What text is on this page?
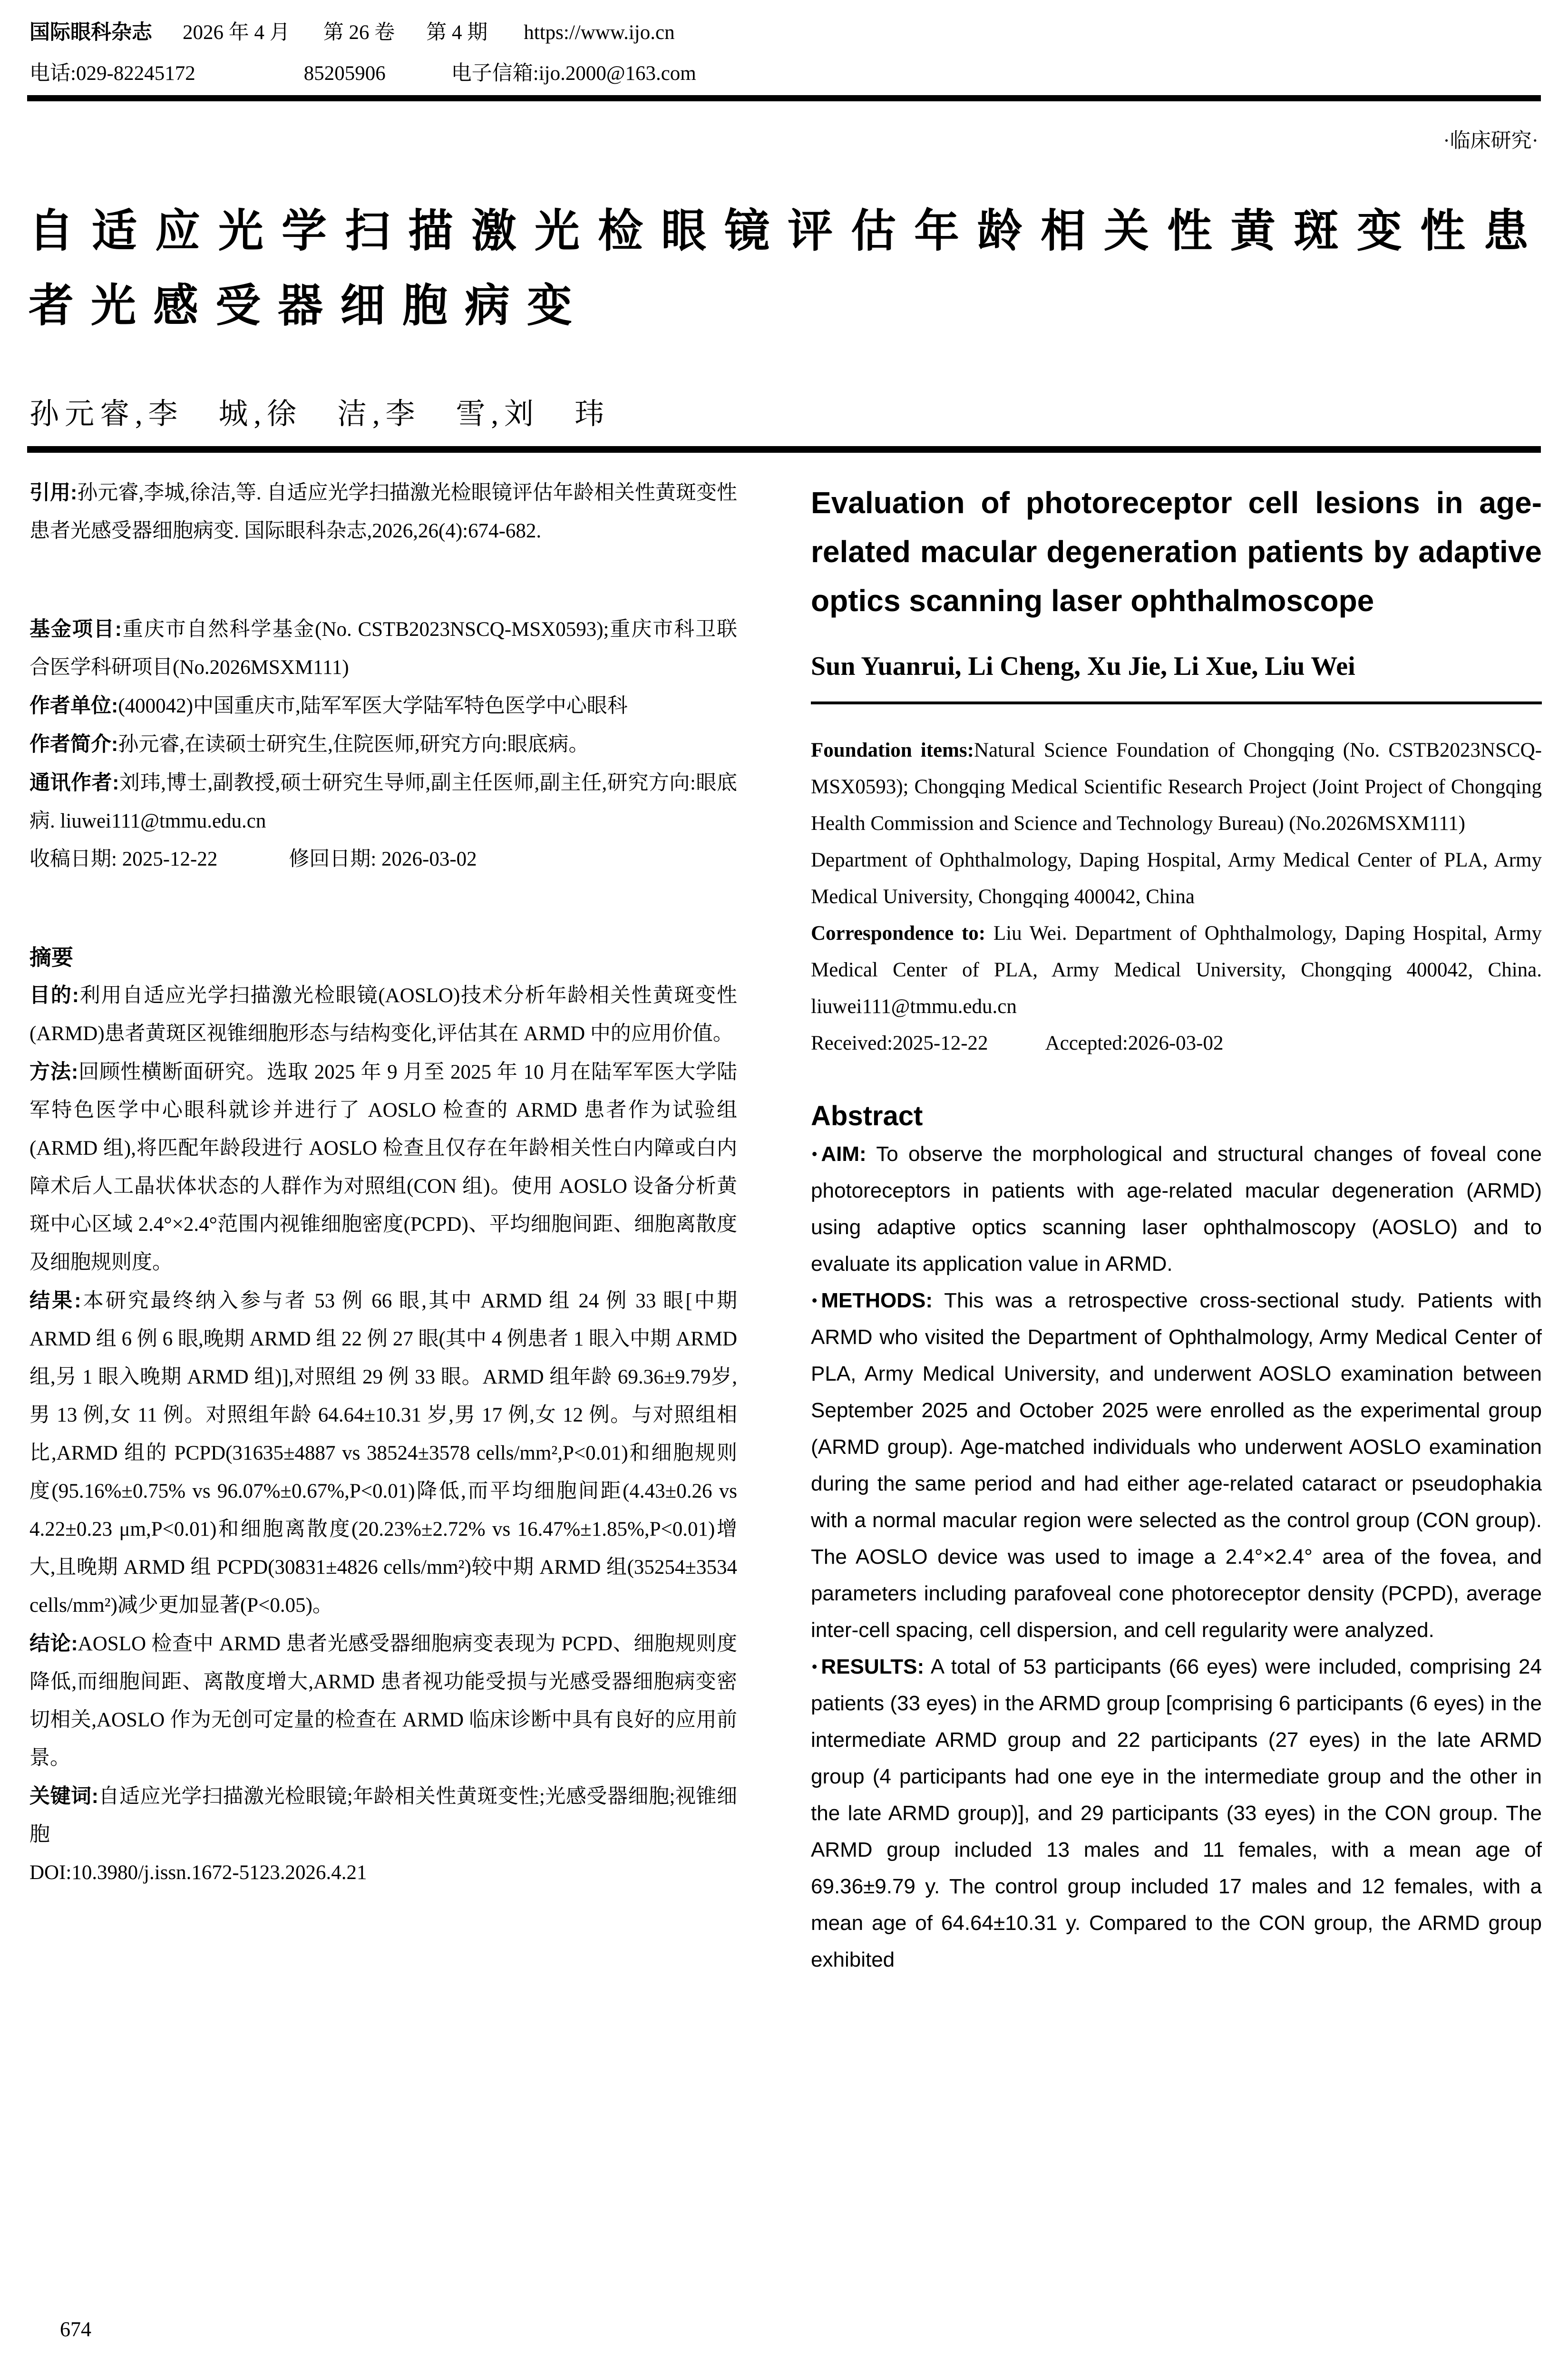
国际眼科杂志 2026 年 4 月 第 26 卷 第 4 期 https://www.ijo.cn
电话:029-82245172	85205906	电子信箱:ijo.2000@163.com
·临床研究·
自适应光学扫描激光检眼镜评估年龄相关性黄斑变性患者光感受器细胞病变
孙元睿,李　城,徐　洁,李　雪,刘　玮

引用:孙元睿,李城,徐洁,等. 自适应光学扫描激光检眼镜评估年龄相关性黄斑变性患者光感受器细胞病变. 国际眼科杂志,2026,26(4):674-682.

基金项目:重庆市自然科学基金(No. CSTB2023NSCQ-MSX0593);重庆市科卫联合医学科研项目(No.2026MSXM111)

作者单位:(400042)中国重庆市,陆军军医大学陆军特色医学中心眼科

作者简介:孙元睿,在读硕士研究生,住院医师,研究方向:眼底病。

通讯作者:刘玮,博士,副教授,硕士研究生导师,副主任医师,副主任,研究方向:眼底病. liuwei111@tmmu.edu.cn

收稿日期: 2025-12-22	修回日期: 2026-03-02

摘要

目的:利用自适应光学扫描激光检眼镜(AOSLO)技术分析年龄相关性黄斑变性(ARMD)患者黄斑区视锥细胞形态与结构变化,评估其在 ARMD 中的应用价值。

方法:回顾性横断面研究。选取 2025 年 9 月至 2025 年 10 月在陆军军医大学陆军特色医学中心眼科就诊并进行了 AOSLO 检查的 ARMD 患者作为试验组(ARMD 组),将匹配年龄段进行 AOSLO 检查且仅存在年龄相关性白内障或白内障术后人工晶状体状态的人群作为对照组(CON 组)。使用 AOSLO 设备分析黄斑中心区域 2.4°×2.4°范围内视锥细胞密度(PCPD)、平均细胞间距、细胞离散度及细胞规则度。

结果:本研究最终纳入参与者 53 例 66 眼,其中 ARMD 组 24 例 33 眼[中期 ARMD 组 6 例 6 眼,晚期 ARMD 组 22 例 27 眼(其中 4 例患者 1 眼入中期 ARMD 组,另 1 眼入晚期 ARMD 组)],对照组 29 例 33 眼。ARMD 组年龄 69.36±9.79岁,男 13 例,女 11 例。对照组年龄 64.64±10.31 岁,男 17 例,女 12 例。与对照组相比,ARMD 组的 PCPD(31635±4887 vs 38524±3578 cells/mm²,P<0.01)和细胞规则度(95.16%±0.75% vs 96.07%±0.67%,P<0.01)降低,而平均细胞间距(4.43±0.26 vs 4.22±0.23 μm,P<0.01)和细胞离散度(20.23%±2.72% vs 16.47%±1.85%,P<0.01)增大,且晚期 ARMD 组 PCPD(30831±4826 cells/mm²)较中期 ARMD 组(35254±3534 cells/mm²)减少更加显著(P<0.05)。

结论:AOSLO 检查中 ARMD 患者光感受器细胞病变表现为 PCPD、细胞规则度降低,而细胞间距、离散度增大,ARMD 患者视功能受损与光感受器细胞病变密切相关,AOSLO 作为无创可定量的检查在 ARMD 临床诊断中具有良好的应用前景。

关键词:自适应光学扫描激光检眼镜;年龄相关性黄斑变性;光感受器细胞;视锥细胞

DOI:10.3980/j.issn.1672-5123.2026.4.21

Evaluation of photoreceptor cell lesions in age-related macular degeneration patients by adaptive optics scanning laser ophthalmoscope
Sun Yuanrui, Li Cheng, Xu Jie, Li Xue, Liu Wei

Foundation items:Natural Science Foundation of Chongqing (No. CSTB2023NSCQ-MSX0593); Chongqing Medical Scientific Research Project (Joint Project of Chongqing Health Commission and Science and Technology Bureau) (No.2026MSXM111)

Department of Ophthalmology, Daping Hospital, Army Medical Center of PLA, Army Medical University, Chongqing 400042, China

Correspondence to: Liu Wei. Department of Ophthalmology, Daping Hospital, Army Medical Center of PLA, Army Medical University, Chongqing 400042, China. liuwei111@tmmu.edu.cn

Received:2025-12-22	Accepted:2026-03-02

Abstract

• AIM: To observe the morphological and structural changes of foveal cone photoreceptors in patients with age-related macular degeneration (ARMD) using adaptive optics scanning laser ophthalmoscopy (AOSLO) and to evaluate its application value in ARMD.

• METHODS: This was a retrospective cross-sectional study. Patients with ARMD who visited the Department of Ophthalmology, Army Medical Center of PLA, Army Medical University, and underwent AOSLO examination between September 2025 and October 2025 were enrolled as the experimental group (ARMD group). Age-matched individuals who underwent AOSLO examination during the same period and had either age-related cataract or pseudophakia with a normal macular region were selected as the control group (CON group). The AOSLO device was used to image a 2.4°×2.4° area of the fovea, and parameters including parafoveal cone photoreceptor density (PCPD), average inter-cell spacing, cell dispersion, and cell regularity were analyzed.

• RESULTS: A total of 53 participants (66 eyes) were included, comprising 24 patients (33 eyes) in the ARMD group [comprising 6 participants (6 eyes) in the intermediate ARMD group and 22 participants (27 eyes) in the late ARMD group (4 participants had one eye in the intermediate group and the other in the late ARMD group)], and 29 participants (33 eyes) in the CON group. The ARMD group included 13 males and 11 females, with a mean age of 69.36±9.79 y. The control group included 17 males and 12 females, with a mean age of 64.64±10.31 y. Compared to the CON group, the ARMD group exhibited

674
